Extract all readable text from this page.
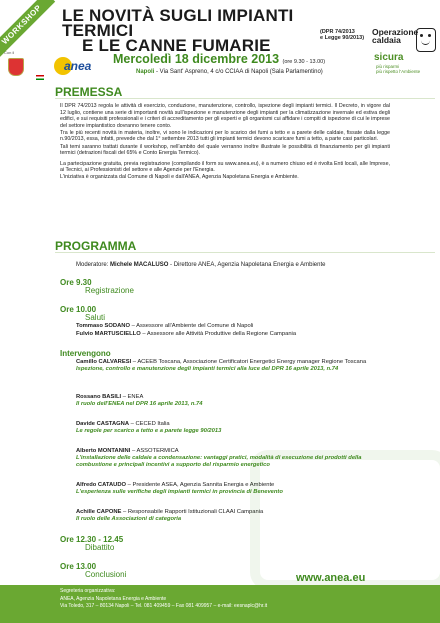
WORKSHOP	LE NOVITÀ SUGLI IMPIANTI TERMICI
E LE CANNE FUMARIE
(DPR 74/2013
e Legge 90/2013)
Con il
anea Mercoledì 18 dicembre 2013 (ore 9.30 - 13.00)
Napoli - Via Sant' Aspreno, 4 c/o CCIAA di Napoli (Sala Parlamentino)
Operazione
caldaia
sicura
più risparmi
più rispetto l'Ambiente
PREMESSA

Il DPR 74/2013 regola le attività di esercizio, conduzione, manutenzione, controllo, ispezione degli impianti termici. Il Decreto, in vigore dal 12 luglio, contiene una serie di importanti novità sull'ispezione e manutenzione degli impianti per la climatizzazione invernale ed estiva degli edifici, e sui requisiti professionali e i criteri di accreditamento per gli esperti e gli organismi cui affidare i compiti di ispezione di cui le imprese del settore impiantistico dovranno tenere conto.

Tra le più recenti novità in materia, inoltre, vi sono le indicazioni per lo scarico dei fumi a tetto e a parete delle caldaie, fissate dalla legge n.90/2013, essa, infatti, prevede che dal 1° settembre 2013 tutti gli impianti termici devono scaricare fumi a tetto, a parte casi particolari.

Tali temi saranno trattati durante il workshop, nell'ambito del quale verranno inoltre illustrate le possibilità di finanziamento per gli impianti termici (detrazioni fiscali del 65% e Conto Energia Termico).

La partecipazione gratuita, previa registrazione (compilando il form su www.anea.eu), è a numero chiuso ed è rivolta Enti locali, alle Imprese, ai Tecnici, ai Professionisti del settore e alle Agenzie per l'Energia.

L'iniziativa è organizzata dal Comune di Napoli e dall'ANEA, Agenzia Napoletana Energia e Ambiente.

PROGRAMMA
Moderatore: Michele MACALUSO - Direttore ANEA, Agenzia Napoletana Energia e Ambiente
Ore 9.30
Registrazione
Ore 10.00
Saluti
Tommaso SODANO – Assessore all'Ambiente del Comune di Napoli
Fulvio MARTUSCIELLO – Assessore alle Attività Produttive della Regione Campania
Intervengono
Camillo CALVARESI – ACEEB Toscana, Associazione Certificatori Energetici Energy manager Regione Toscana
Ispezione, controllo e manutenzione degli impianti termici alla luce del DPR 16 aprile 2013, n.74
Rossano BASILI – ENEA
Il ruolo dell'ENEA nel DPR 16 aprile 2013, n.74
Davide CASTAGNA – CECED Italia
Le regole per scarico a tetto e a parete legge 90/2013
Alberto MONTANINI – ASSOTERMICA
L'installazione delle caldaie a condensazione: vantaggi pratici, modalità di esecuzione dei prodotti della combustione e principali incentivi a supporto del risparmio energetico
Alfredo CATAUDO – Presidente ASEA, Agenzia Sannita Energia e Ambiente
L'esperienza sulle verifiche degli impianti termici in provincia di Benevento
Achille CAPONE – Responsabile Rapporti Istituzionali CLAAI Campania
Il ruolo delle Associazioni di categoria
Ore 12.30 - 12.45
Dibattito
Ore 13.00
Conclusioni	www.anea.eu
Segreteria organizzativa:
ANEA, Agenzia Napoletana Energia e Ambiente
Via Toledo, 317 – 80134 Napoli – Tel. 081 409459 – Fax 081 409957 – e-mail: eesnaplc@hr.it
